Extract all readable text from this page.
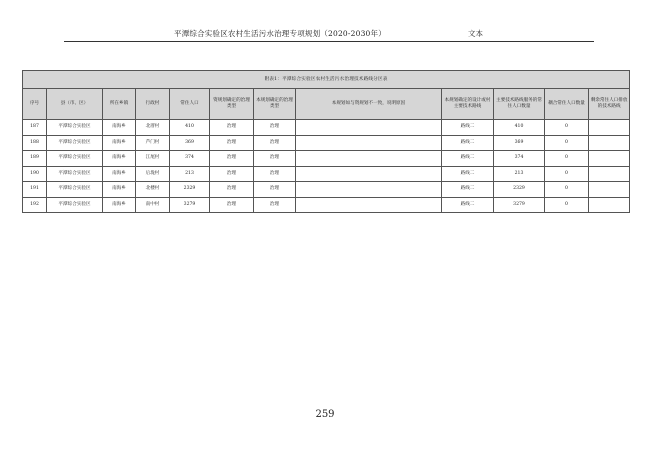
平潭综合实验区农村生活污水治理专项规划（2020-2030年）	文本
附表1：平潭综合实验区农村生活污水治理技术路线分区表											
序号	县（市、区）	所在乡镇	行政村	常住人口	资规划确定的治理类型	本规划确定的治理类型	本规划如与资规划不一致，说明原因	本规划确定的设计或村主要技术路线	主要技术路线服务的常住人口数量	耦合常住人口数量	剩余常住人口排放的技术路线
187	平潭综合实验区	南海乡	北厝村	410	治理	治理		路线二	410	0	
188	平潭综合实验区	南海乡	芦门村	369	治理	治理		路线二	369	0	
189	平潭综合实验区	南海乡	江尾村	374	治理	治理		路线二	374	0	
190	平潭综合实验区	南海乡	后垅村	213	治理	治理		路线二	213	0	
191	平潭综合实验区	南海乡	北楼村	2329	治理	治理		路线二	2329	0	
192	平潭综合实验区	南海乡	南中村	3279	治理	治理		路线二	3279	0	
259
